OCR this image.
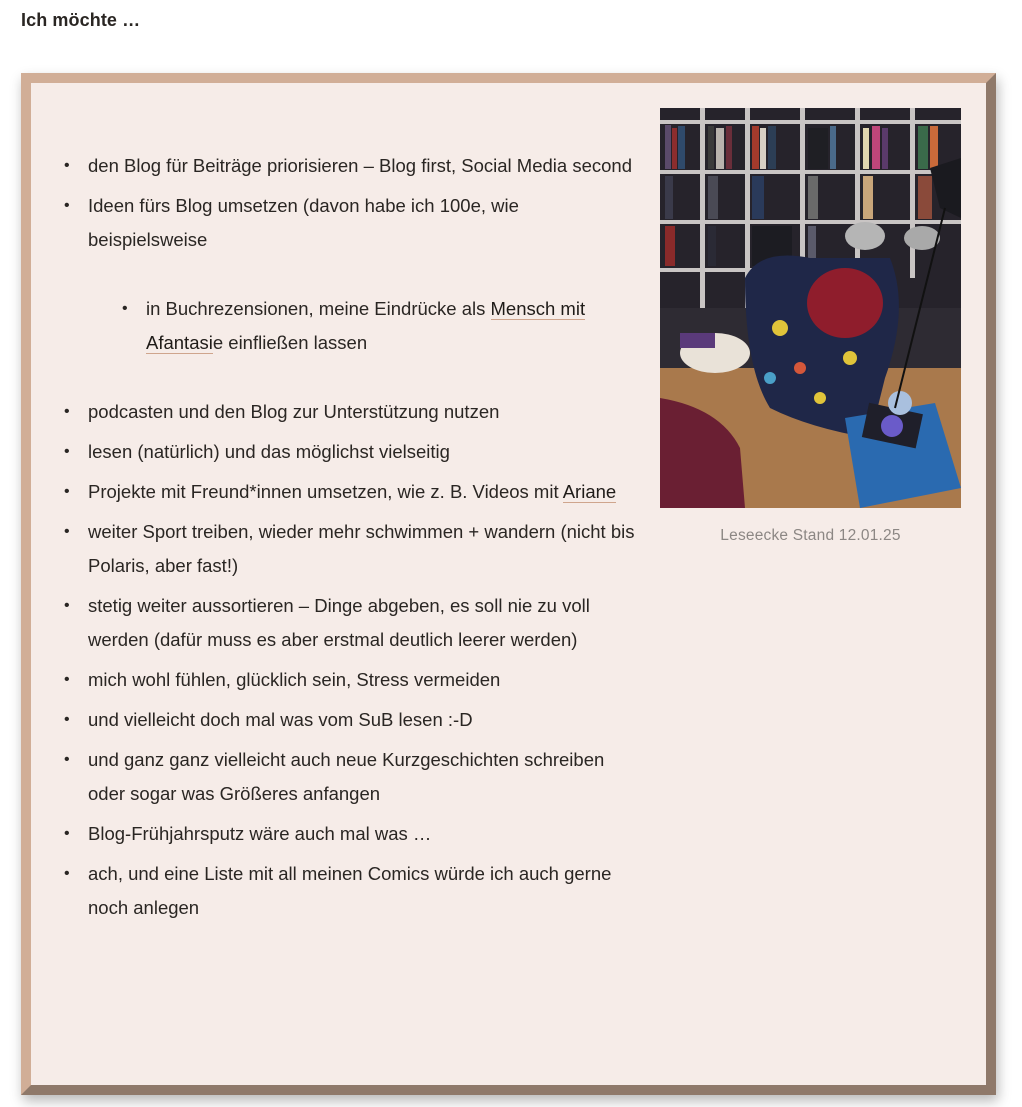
Ich möchte …
• den Blog für Beiträge priorisieren – Blog first, Social Media second
• Ideen fürs Blog umsetzen (davon habe ich 100e, wie beispielsweise
• in Buchrezensionen, meine Eindrücke als Mensch mit Afantasie einfließen lassen
• podcasten und den Blog zur Unterstützung nutzen
• lesen (natürlich) und das möglichst vielseitig
• Projekte mit Freund*innen umsetzen, wie z. B. Videos mit Ariane
• weiter Sport treiben, wieder mehr schwimmen + wandern (nicht bis Polaris, aber fast!)
• stetig weiter aussortieren – Dinge abgeben, es soll nie zu voll werden (dafür muss es aber erstmal deutlich leerer werden)
• mich wohl fühlen, glücklich sein, Stress vermeiden
• und vielleicht doch mal was vom SuB lesen :-D
• und ganz ganz vielleicht auch neue Kurzgeschichten schreiben oder sogar was Größeres anfangen
• Blog-Frühjahrsputz wäre auch mal was …
• ach, und eine Liste mit all meinen Comics würde ich auch gerne noch anlegen
Leseecke Stand 12.01.25
